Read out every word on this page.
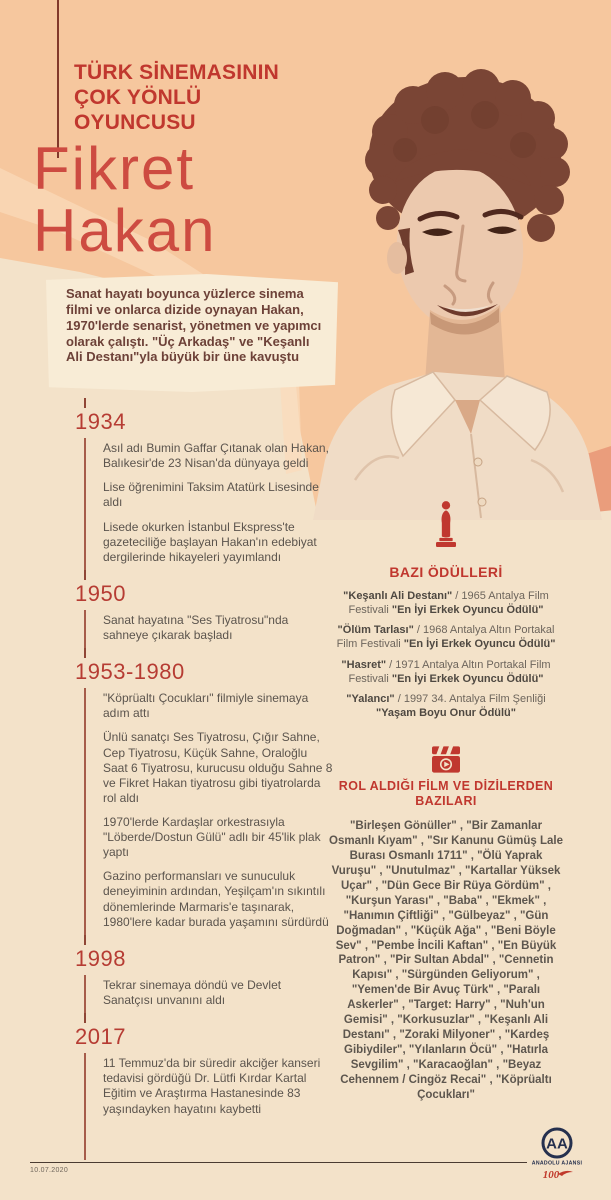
TÜRK SİNEMASININ
ÇOK YÖNLÜ
OYUNCUSU
Fikret
Hakan
Sanat hayatı boyunca yüzlerce sinema filmi ve onlarca dizide oynayan Hakan, 1970'lerde senarist, yönetmen ve yapımcı olarak çalıştı. "Üç Arkadaş" ve "Keşanlı Ali Destanı"yla büyük bir üne kavuştu
1934

Asıl adı Bumin Gaffar Çıtanak olan Hakan, Balıkesir'de 23 Nisan'da dünyaya geldi

Lise öğrenimini Taksim Atatürk Lisesinde aldı

Lisede okurken İstanbul Ekspress'te gazeteciliğe başlayan Hakan'ın edebiyat dergilerinde hikayeleri yayımlandı

1950

Sanat hayatına "Ses Tiyatrosu"nda sahneye çıkarak başladı

1953-1980

"Köprüaltı Çocukları" filmiyle sinemaya adım attı

Ünlü sanatçı Ses Tiyatrosu, Çığır Sahne, Cep Tiyatrosu, Küçük Sahne, Oraloğlu Saat 6 Tiyatrosu, kurucusu olduğu Sahne 8 ve Fikret Hakan tiyatrosu gibi tiyatrolarda rol aldı

1970'lerde Kardaşlar orkestrasıyla "Löberde/Dostun Gülü" adlı bir 45'lik plak yaptı

Gazino performansları ve sunuculuk deneyiminin ardından, Yeşilçam'ın sıkıntılı dönemlerinde Marmaris'e taşınarak, 1980'lere kadar burada yaşamını sürdürdü

1998

Tekrar sinemaya döndü ve Devlet Sanatçısı unvanını aldı

2017

11 Temmuz'da bir süredir akciğer kanseri tedavisi gördüğü Dr. Lütfi Kırdar Kartal Eğitim ve Araştırma Hastanesinde 83 yaşındayken hayatını kaybetti

BAZI ÖDÜLLERİ

"Keşanlı Ali Destanı" / 1965 Antalya Film Festivali "En İyi Erkek Oyuncu Ödülü"

"Ölüm Tarlası" / 1968 Antalya Altın Portakal Film Festivali "En İyi Erkek Oyuncu Ödülü"

"Hasret" / 1971 Antalya Altın Portakal Film Festivali "En İyi Erkek Oyuncu Ödülü"

"Yalancı" / 1997 34. Antalya Film Şenliği "Yaşam Boyu Onur Ödülü"

ROL ALDIĞI FİLM VE DİZİLERDEN
BAZILARI

"Birleşen Gönüller" , "Bir Zamanlar Osmanlı Kıyam" , "Sır Kanunu Gümüş Lale Burası Osmanlı 1711" , "Ölü Yaprak Vuruşu" , "Unutulmaz" , "Kartallar Yüksek Uçar" , "Dün Gece Bir Rüya Gördüm" , "Kurşun Yarası" , "Baba" , "Ekmek" , "Hanımın Çiftliği" , "Gülbeyaz" , "Gün Doğmadan" , "Küçük Ağa" , "Beni Böyle Sev" , "Pembe İncili Kaftan" , "En Büyük Patron" , "Pir Sultan Abdal" , "Cennetin Kapısı" , "Sürgünden Geliyorum" , "Yemen'de Bir Avuç Türk" , "Paralı Askerler" , "Target: Harry" , "Nuh'un Gemisi" , "Korkusuzlar" , "Keşanlı Ali Destanı" , "Zoraki Milyoner" , "Kardeş Gibiydiler", "Yılanların Öcü" , "Hatırla Sevgilim" , "Karacaoğlan" , "Beyaz Cehennem / Cingöz Recai" , "Köprüaltı Çocukları"

10.07.2020
AA
ANADOLU AJANSI
100
